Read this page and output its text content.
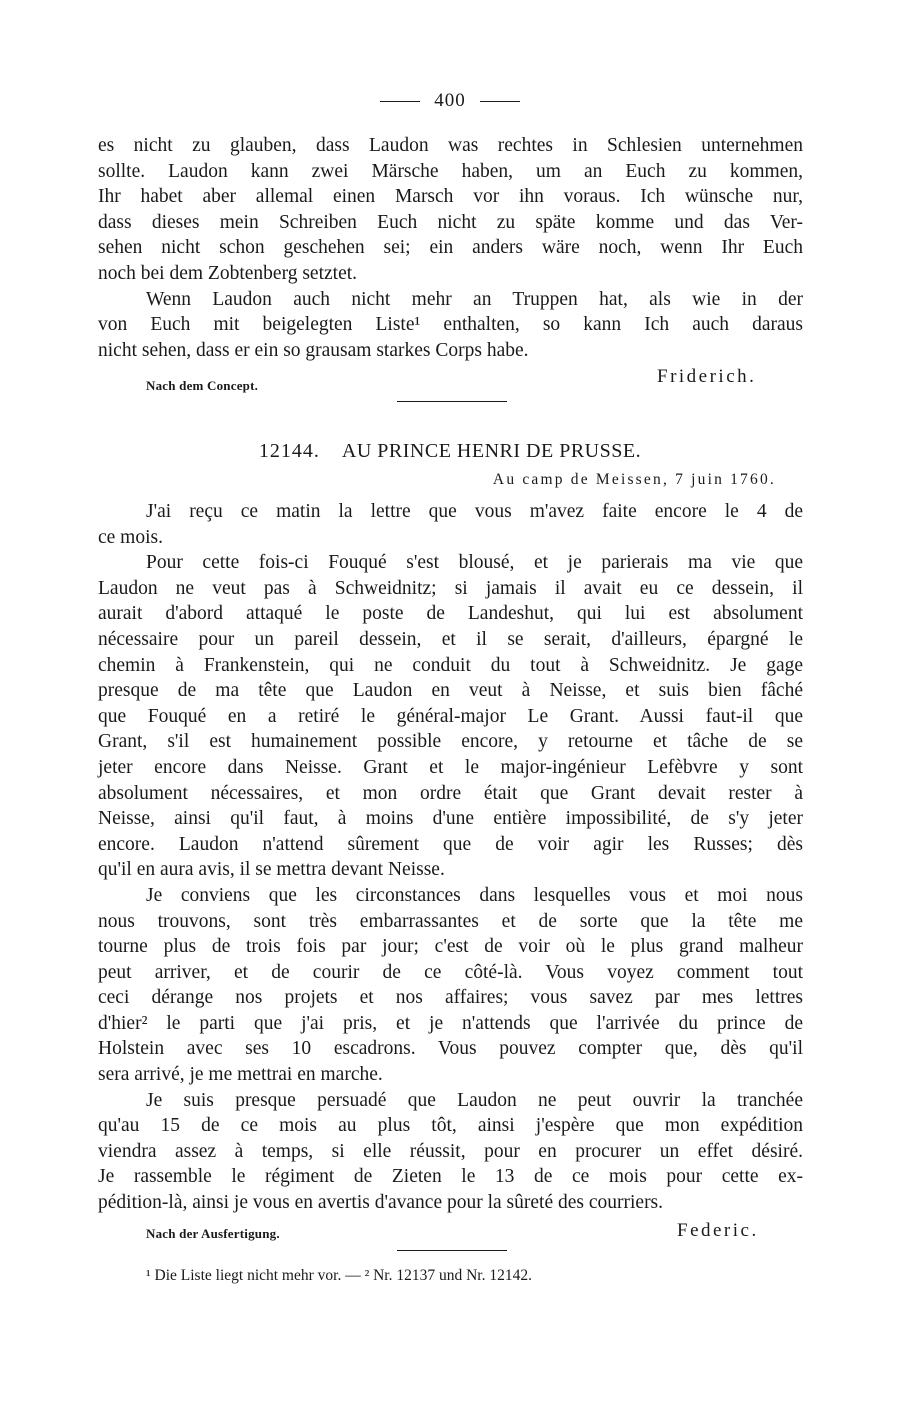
400
es nicht zu glauben, dass Laudon was rechtes in Schlesien unternehmen
sollte. Laudon kann zwei Märsche haben, um an Euch zu kommen,
Ihr habet aber allemal einen Marsch vor ihn voraus. Ich wünsche nur,
dass dieses mein Schreiben Euch nicht zu späte komme und das Ver-
sehen nicht schon geschehen sei; ein anders wäre noch, wenn Ihr Euch
noch bei dem Zobtenberg setztet.
Wenn Laudon auch nicht mehr an Truppen hat, als wie in der
von Euch mit beigelegten Liste¹ enthalten, so kann Ich auch daraus
nicht sehen, dass er ein so grausam starkes Corps habe.
Nach dem Concept.	Friderich.
12144. AU PRINCE HENRI DE PRUSSE.
Au camp de Meissen, 7 juin 1760.
J'ai reçu ce matin la lettre que vous m'avez faite encore le 4 de
ce mois.
Pour cette fois-ci Fouqué s'est blousé, et je parierais ma vie que
Laudon ne veut pas à Schweidnitz; si jamais il avait eu ce dessein, il
aurait d'abord attaqué le poste de Landeshut, qui lui est absolument
nécessaire pour un pareil dessein, et il se serait, d'ailleurs, épargné le
chemin à Frankenstein, qui ne conduit du tout à Schweidnitz. Je gage
presque de ma tête que Laudon en veut à Neisse, et suis bien fâché
que Fouqué en a retiré le général-major Le Grant. Aussi faut-il que
Grant, s'il est humainement possible encore, y retourne et tâche de se
jeter encore dans Neisse. Grant et le major-ingénieur Lefèbvre y sont
absolument nécessaires, et mon ordre était que Grant devait rester à
Neisse, ainsi qu'il faut, à moins d'une entière impossibilité, de s'y jeter
encore. Laudon n'attend sûrement que de voir agir les Russes; dès
qu'il en aura avis, il se mettra devant Neisse.
Je conviens que les circonstances dans lesquelles vous et moi nous
nous trouvons, sont très embarrassantes et de sorte que la tête me
tourne plus de trois fois par jour; c'est de voir où le plus grand malheur
peut arriver, et de courir de ce côté-là. Vous voyez comment tout
ceci dérange nos projets et nos affaires; vous savez par mes lettres
d'hier² le parti que j'ai pris, et je n'attends que l'arrivée du prince de
Holstein avec ses 10 escadrons. Vous pouvez compter que, dès qu'il
sera arrivé, je me mettrai en marche.
Je suis presque persuadé que Laudon ne peut ouvrir la tranchée
qu'au 15 de ce mois au plus tôt, ainsi j'espère que mon expédition
viendra assez à temps, si elle réussit, pour en procurer un effet désiré.
Je rassemble le régiment de Zieten le 13 de ce mois pour cette ex-
pédition-là, ainsi je vous en avertis d'avance pour la sûreté des courriers.
Nach der Ausfertigung.	Federic.
¹ Die Liste liegt nicht mehr vor. — ² Nr. 12137 und Nr. 12142.
